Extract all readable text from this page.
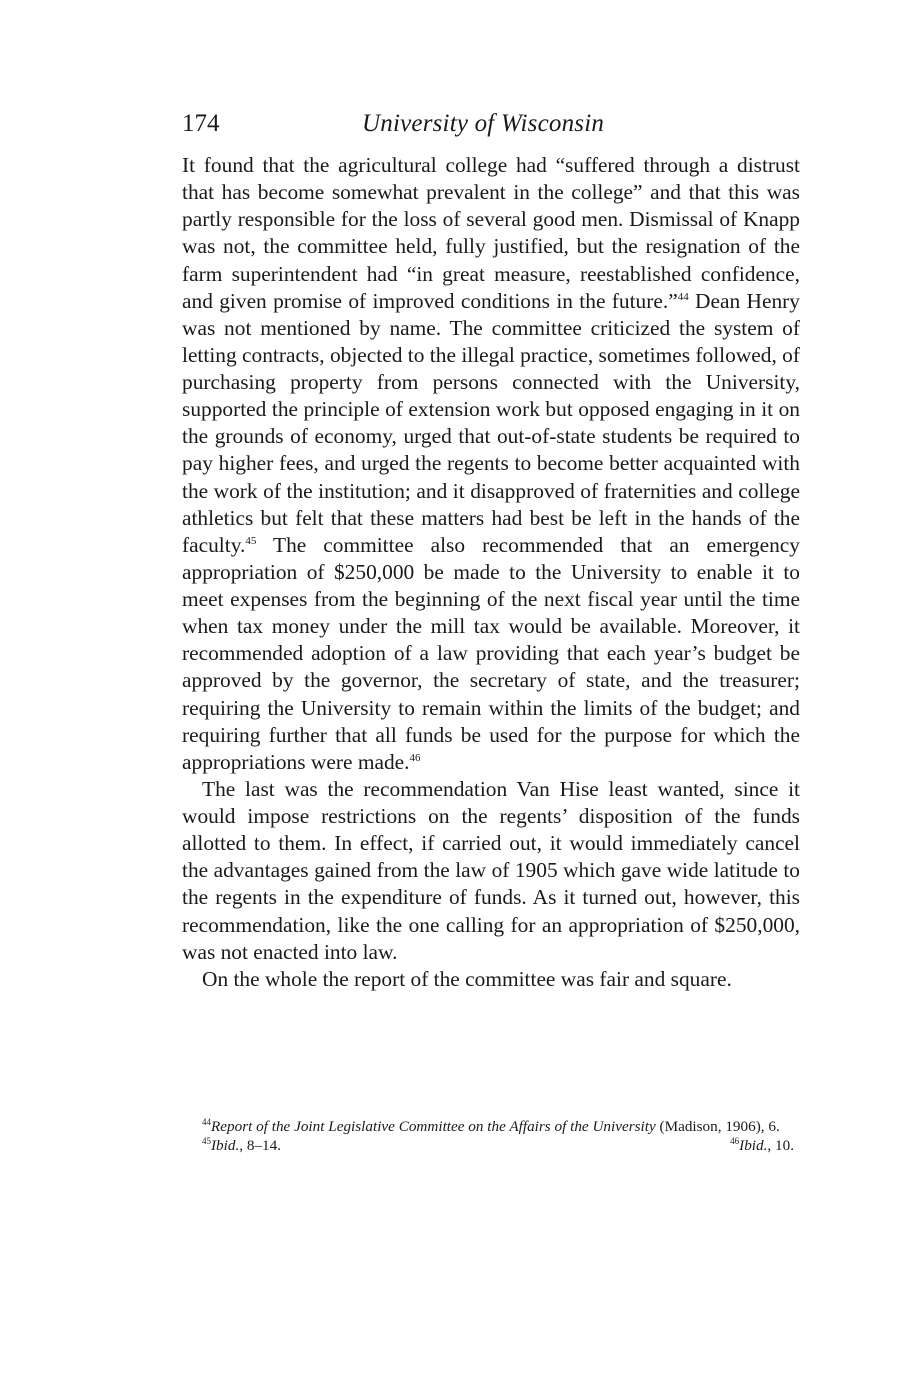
174	University of Wisconsin

It found that the agricultural college had “suffered through a distrust that has become somewhat prevalent in the college” and that this was partly responsible for the loss of several good men. Dismissal of Knapp was not, the committee held, fully justified, but the resignation of the farm superintendent had “in great measure, reestablished confidence, and given promise of improved conditions in the future.”$^{44}$ Dean Henry was not mentioned by name. The committee criticized the system of letting contracts, objected to the illegal practice, sometimes followed, of purchasing property from persons connected with the University, supported the principle of extension work but opposed engaging in it on the grounds of economy, urged that out-of-state students be required to pay higher fees, and urged the regents to become better acquainted with the work of the institution; and it disapproved of fraternities and college athletics but felt that these matters had best be left in the hands of the faculty.$^{45}$ The committee also recommended that an emergency appropriation of $250,000 be made to the University to enable it to meet expenses from the beginning of the next fiscal year until the time when tax money under the mill tax would be available. Moreover, it recommended adoption of a law providing that each year’s budget be approved by the governor, the secretary of state, and the treasurer; requiring the University to remain within the limits of the budget; and requiring further that all funds be used for the purpose for which the appropriations were made.$^{46}$

The last was the recommendation Van Hise least wanted, since it would impose restrictions on the regents’ disposition of the funds allotted to them. In effect, if carried out, it would immediately cancel the advantages gained from the law of 1905 which gave wide latitude to the regents in the expenditure of funds. As it turned out, however, this recommendation, like the one calling for an appropriation of $250,000, was not enacted into law.

On the whole the report of the committee was fair and square.

$^{44}$Report of the Joint Legislative Committee on the Affairs of the University (Madison, 1906), 6.

$^{45}$Ibid., 8–14.	$^{46}$Ibid., 10.
